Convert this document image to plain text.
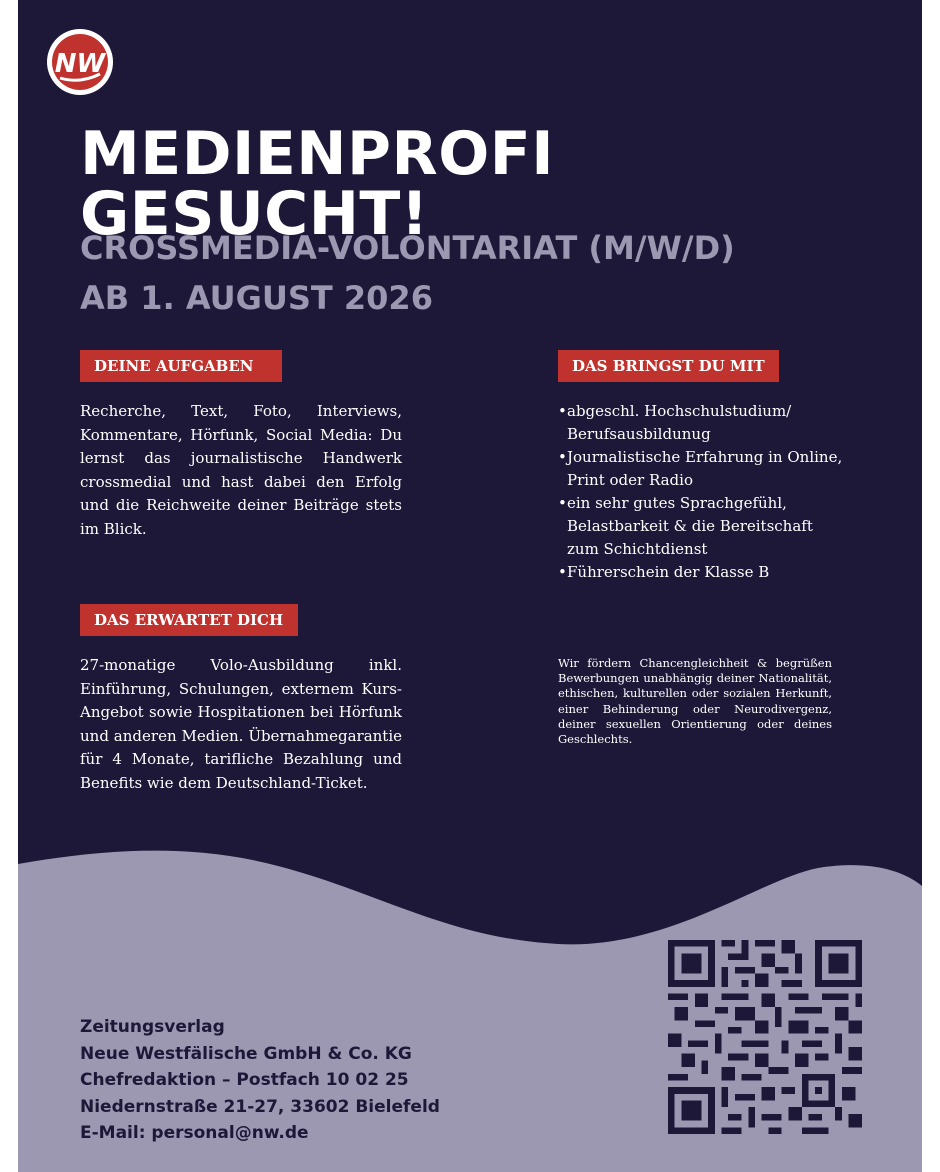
NW
MEDIENPROFI GESUCHT!
CROSSMEDIA-VOLONTARIAT (M/W/D)
AB 1. AUGUST 2026
DEINE AUFGABEN

Recherche, Text, Foto, Interviews, Kommentare, Hörfunk, Social Media: Du lernst das journalistische Handwerk crossmedial und hast dabei den Erfolg und die Reichweite deiner Beiträge stets im Blick.

DAS BRINGST DU MIT
• abgeschl. Hochschulstudium/ Berufsausbildunug
• Journalistische Erfahrung in Online, Print oder Radio
• ein sehr gutes Sprachgefühl, Belastbarkeit & die Bereitschaft zum Schichtdienst
• Führerschein der Klasse B
DAS ERWARTET DICH

27-monatige Volo-Ausbildung inkl. Einführung, Schulungen, externem Kurs-Angebot sowie Hospitationen bei Hörfunk und anderen Medien. Übernahmegarantie für 4 Monate, tarifliche Bezahlung und Benefits wie dem Deutschland-Ticket.

Wir fördern Chancengleichheit & begrüßen Bewerbungen unabhängig deiner Nationalität, ethischen, kulturellen oder sozialen Herkunft, einer Behinderung oder Neurodivergenz, deiner sexuellen Orientierung oder deines Geschlechts.

Zeitungsverlag
Neue Westfälische GmbH & Co. KG
Chefredaktion – Postfach 10 02 25
Niedernstraße 21-27, 33602 Bielefeld
E-Mail: personal@nw.de
